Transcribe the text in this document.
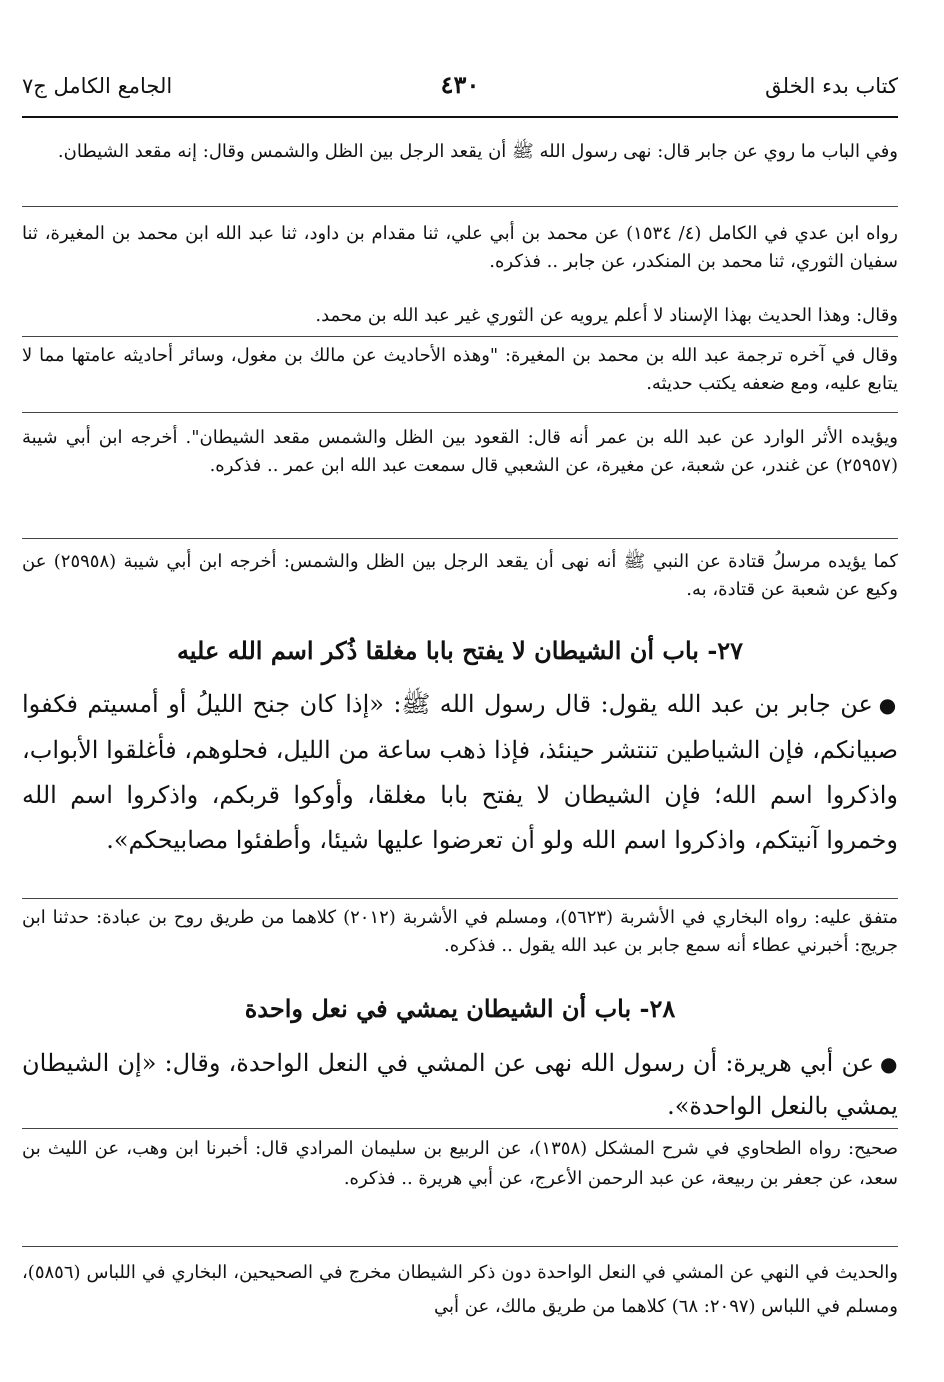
كتاب بدء الخلق
٤٣٠
الجامع الكامل ج٧

وفي الباب ما روي عن جابر قال: نهى رسول الله ﷺ أن يقعد الرجل بين الظل والشمس وقال: إنه مقعد الشيطان.

رواه ابن عدي في الكامل (٤/ ١٥٣٤) عن محمد بن أبي علي، ثنا مقدام بن داود، ثنا عبد الله ابن محمد بن المغيرة، ثنا سفيان الثوري، ثنا محمد بن المنكدر، عن جابر .. فذكره.

وقال: وهذا الحديث بهذا الإسناد لا أعلم يرويه عن الثوري غير عبد الله بن محمد.

وقال في آخره ترجمة عبد الله بن محمد بن المغيرة: "وهذه الأحاديث عن مالك بن مغول، وسائر أحاديثه عامتها مما لا يتابع عليه، ومع ضعفه يكتب حديثه.

ويؤيده الأثر الوارد عن عبد الله بن عمر أنه قال: القعود بين الظل والشمس مقعد الشيطان". أخرجه ابن أبي شيبة (٢٥٩٥٧) عن غندر، عن شعبة، عن مغيرة، عن الشعبي قال سمعت عبد الله ابن عمر .. فذكره.

كما يؤيده مرسلُ قتادة عن النبي ﷺ أنه نهى أن يقعد الرجل بين الظل والشمس: أخرجه ابن أبي شيبة (٢٥٩٥٨) عن وكيع عن شعبة عن قتادة، به.

٢٧- باب أن الشيطان لا يفتح بابا مغلقا ذُكر اسم الله عليه

●عن جابر بن عبد الله يقول: قال رسول الله ﷺ: «إذا كان جنح الليلُ أو أمسيتم فكفوا صبيانكم، فإن الشياطين تنتشر حينئذ، فإذا ذهب ساعة من الليل، فحلوهم، فأغلقوا الأبواب، واذكروا اسم الله؛ فإن الشيطان لا يفتح بابا مغلقا، وأوكوا قربكم، واذكروا اسم الله وخمروا آنيتكم، واذكروا اسم الله ولو أن تعرضوا عليها شيئا، وأطفئوا مصابيحكم».

متفق عليه: رواه البخاري في الأشربة (٥٦٢٣)، ومسلم في الأشربة (٢٠١٢) كلاهما من طريق روح بن عبادة: حدثنا ابن جريج: أخبرني عطاء أنه سمع جابر بن عبد الله يقول .. فذكره.

٢٨- باب أن الشيطان يمشي في نعل واحدة

●عن أبي هريرة: أن رسول الله نهى عن المشي في النعل الواحدة، وقال: «إن الشيطان يمشي بالنعل الواحدة».

صحيح: رواه الطحاوي في شرح المشكل (١٣٥٨)، عن الربيع بن سليمان المرادي قال: أخبرنا ابن وهب، عن الليث بن سعد، عن جعفر بن ربيعة، عن عبد الرحمن الأعرج، عن أبي هريرة .. فذكره.

والحديث في النهي عن المشي في النعل الواحدة دون ذكر الشيطان مخرج في الصحيحين، البخاري في اللباس (٥٨٥٦)، ومسلم في اللباس (٢٠٩٧: ٦٨) كلاهما من طريق مالك، عن أبي
